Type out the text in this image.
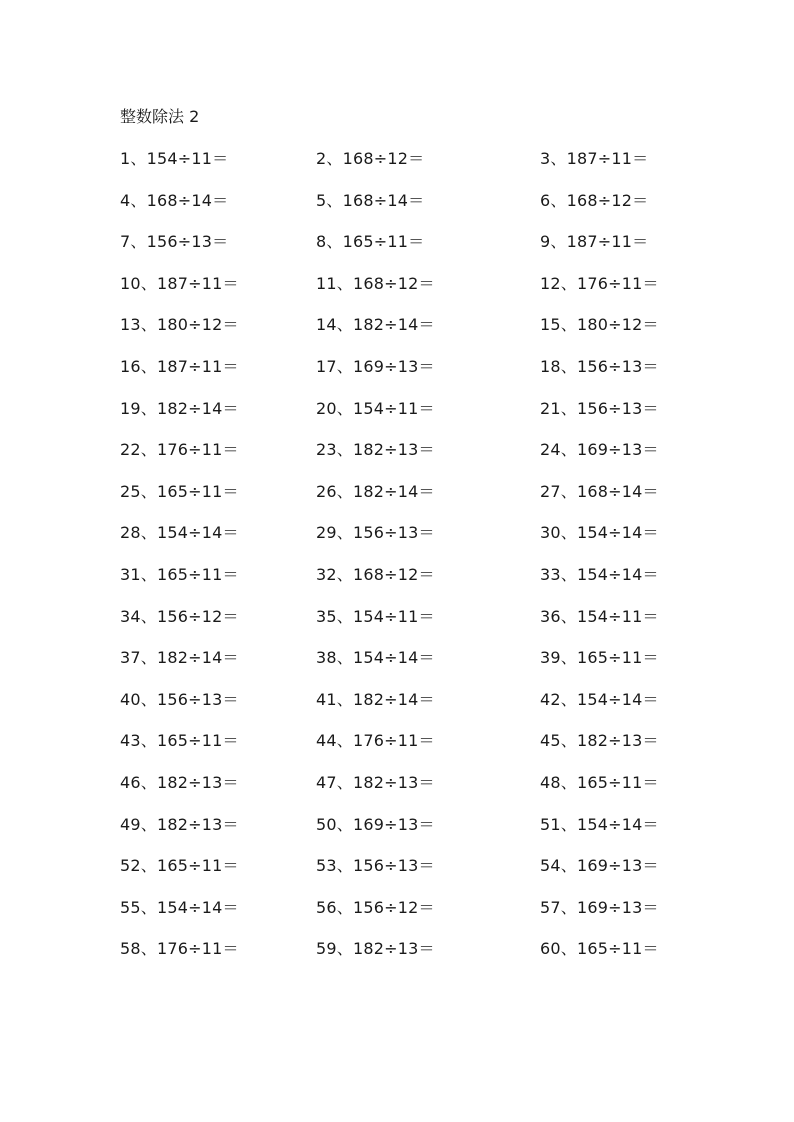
整数除法 2
1、154÷11＝	2、168÷12＝	3、187÷11＝
4、168÷14＝	5、168÷14＝	6、168÷12＝
7、156÷13＝	8、165÷11＝	9、187÷11＝
10、187÷11＝	11、168÷12＝	12、176÷11＝
13、180÷12＝	14、182÷14＝	15、180÷12＝
16、187÷11＝	17、169÷13＝	18、156÷13＝
19、182÷14＝	20、154÷11＝	21、156÷13＝
22、176÷11＝	23、182÷13＝	24、169÷13＝
25、165÷11＝	26、182÷14＝	27、168÷14＝
28、154÷14＝	29、156÷13＝	30、154÷14＝
31、165÷11＝	32、168÷12＝	33、154÷14＝
34、156÷12＝	35、154÷11＝	36、154÷11＝
37、182÷14＝	38、154÷14＝	39、165÷11＝
40、156÷13＝	41、182÷14＝	42、154÷14＝
43、165÷11＝	44、176÷11＝	45、182÷13＝
46、182÷13＝	47、182÷13＝	48、165÷11＝
49、182÷13＝	50、169÷13＝	51、154÷14＝
52、165÷11＝	53、156÷13＝	54、169÷13＝
55、154÷14＝	56、156÷12＝	57、169÷13＝
58、176÷11＝	59、182÷13＝	60、165÷11＝
